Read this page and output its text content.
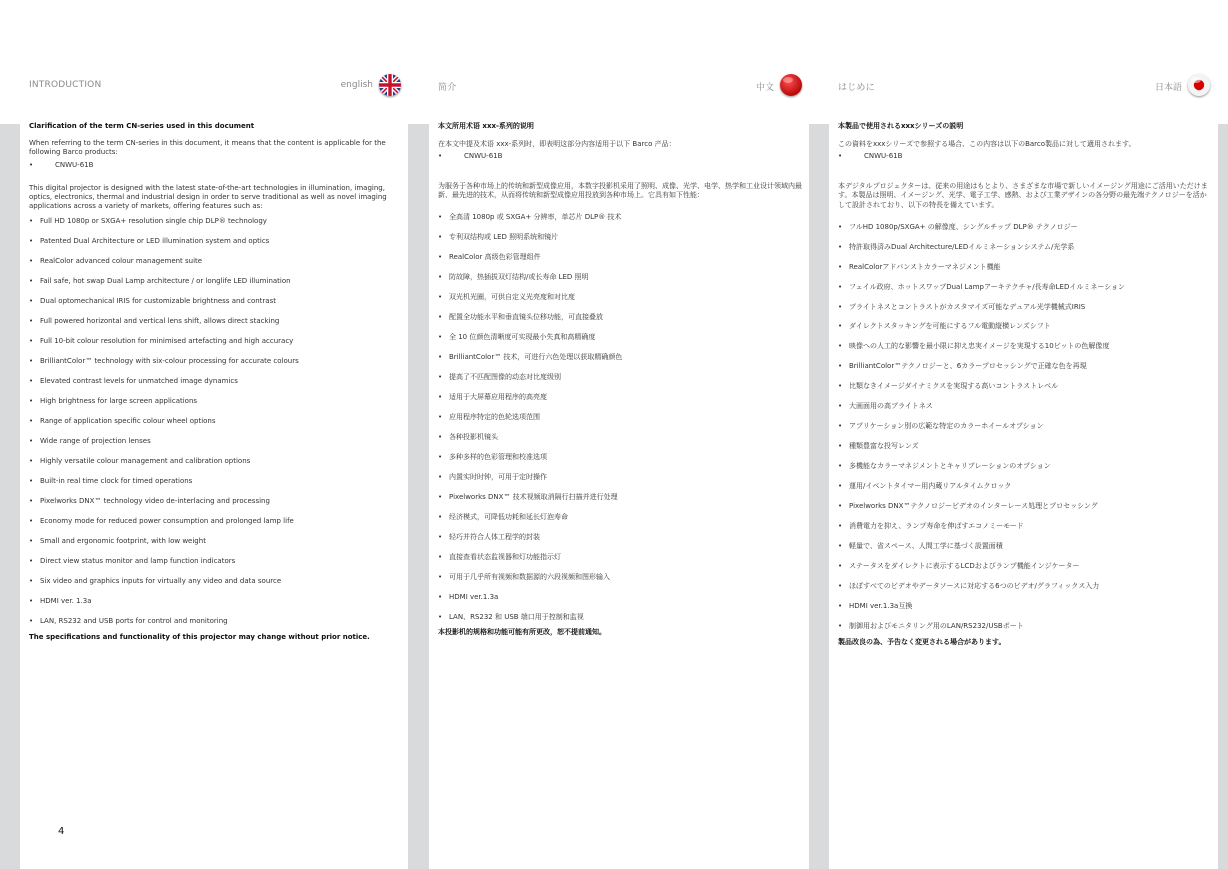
INTRODUCTION	english

Clarification of the term CN-series used in this document

When referring to the term CN-series in this document, it means that the content is applicable for the following Barco products:

•	CNWU-61B

This digital projector is designed with the latest state-of-the-art technologies in illumination, imaging, optics, electronics, thermal and industrial design in order to serve traditional as well as novel imaging applications across a variety of markets, offering features such as:

• Full HD 1080p or SXGA+ resolution single chip DLP® technology
• Patented Dual Architecture or LED illumination system and optics
• RealColor advanced colour management suite
• Fail safe, hot swap Dual Lamp architecture / or longlife LED illumination
• Dual optomechanical IRIS for customizable brightness and contrast
• Full powered horizontal and vertical lens shift, allows direct stacking
• Full 10-bit colour resolution for minimised artefacting and high accuracy
• BrilliantColor™ technology with six-colour processing for accurate colours
• Elevated contrast levels for unmatched image dynamics
• High brightness for large screen applications
• Range of application specific colour wheel options
• Wide range of projection lenses
• Highly versatile colour management and calibration options
• Built-in real time clock for timed operations
• Pixelworks DNX™ technology video de-interlacing and processing
• Economy mode for reduced power consumption and prolonged lamp life
• Small and ergonomic footprint, with low weight
• Direct view status monitor and lamp function indicators
• Six video and graphics inputs for virtually any video and data source
• HDMI ver. 1.3a
• LAN, RS232 and USB ports for control and monitoring

The specifications and functionality of this projector may change without prior notice.

简介	中文

本文所用术语 xxx-系列的说明

在本文中提及术语 xxx-系列时，即表明这部分内容适用于以下 Barco 产品：

•	CNWU-61B

为服务于各种市场上的传统和新型成像应用，本数字投影机采用了照明、成像、光学、电学、热学和工业设计领域内最新、最先进的技术，从而将传统和新型成像应用投放到各种市场上。它具有如下性能：

• 全高清 1080p 或 SXGA+ 分辨率，单芯片 DLP® 技术
• 专利双结构或 LED 照明系统和镜片
• RealColor 高级色彩管理组件
• 防故障，热插拔双灯结构/或长寿命 LED 照明
• 双光机光圈，可供自定义光亮度和对比度
• 配置全功能水平和垂直镜头位移功能，可直接叠放
• 全 10 位颜色清晰度可实现最小失真和高精确度
• BrilliantColor™ 技术，可进行六色处理以获取精确颜色
• 提高了不匹配图像的动态对比度级别
• 适用于大屏幕应用程序的高亮度
• 应用程序特定的色轮选项范围
• 各种投影机镜头
• 多种多样的色彩管理和校准选项
• 内置实时时钟，可用于定时操作
• Pixelworks DNX™ 技术视频取消隔行扫描并进行处理
• 经济模式，可降低功耗和延长灯泡寿命
• 轻巧并符合人体工程学的封装
• 直接查看状态监视器和灯功能指示灯
• 可用于几乎所有视频和数据源的六段视频和图形输入
• HDMI ver.1.3a
• LAN、RS232 和 USB 端口用于控制和监视

本投影机的规格和功能可能有所更改，恕不提前通知。

はじめに	日本語

本製品で使用されるxxxシリーズの説明

この資料をxxxシリーズで参照する場合、この内容は以下のBarco製品に対して適用されます。

•	CNWU-61B

本デジタルプロジェクターは、従来の用途はもとより、さまざまな市場で新しいイメージング用途にご活用いただけます。本製品は照明、イメージング、光学、電子工学、感熱、および工業デザインの各分野の最先端テクノロジーを活かして設計されており、以下の特長を備えています。

• フルHD 1080p/SXGA+ の解像度、シングルチップ DLP® テクノロジー
• 特許取得済みDual Architecture/LEDイルミネーションシステム/光学系
• RealColorアドバンストカラーマネジメント機能
• フェイル政府、ホットスワップDual Lampアーキテクチャ/長寿命LEDイルミネーション
• ブライトネスとコントラストがカスタマイズ可能なデュアル光学機械式IRIS
• ダイレクトスタッキングを可能にするフル電動縦横レンズシフト
• 映像への人工的な影響を最小限に抑え忠実イメージを実現する10ビットの色解像度
• BrilliantColor™テクノロジーと、6カラープロセッシングで正確な色を再現
• 比類なきイメージダイナミクスを実現する高いコントラストレベル
• 大画面用の高ブライトネス
• アプリケーション別の広範な特定のカラーホイールオプション
• 種類豊富な投写レンズ
• 多機能なカラーマネジメントとキャリブレーションのオプション
• 運用/イベントタイマー用内蔵リアルタイムクロック
• Pixelworks DNX™テクノロジービデオのインターレース処理とプロセッシング
• 消費電力を抑え、ランプ寿命を伸ばすエコノミーモード
• 軽量で、省スペース、人間工学に基づく設置面積
• ステータスをダイレクトに表示するLCDおよびランプ機能インジケーター
• ほぼすべてのビデオやデータソースに対応する6つのビデオ/グラフィックス入力
• HDMI ver.1.3a互換
• 制御用およびモニタリング用のLAN/RS232/USBポート

製品改良の為、予告なく変更される場合があります。

4
